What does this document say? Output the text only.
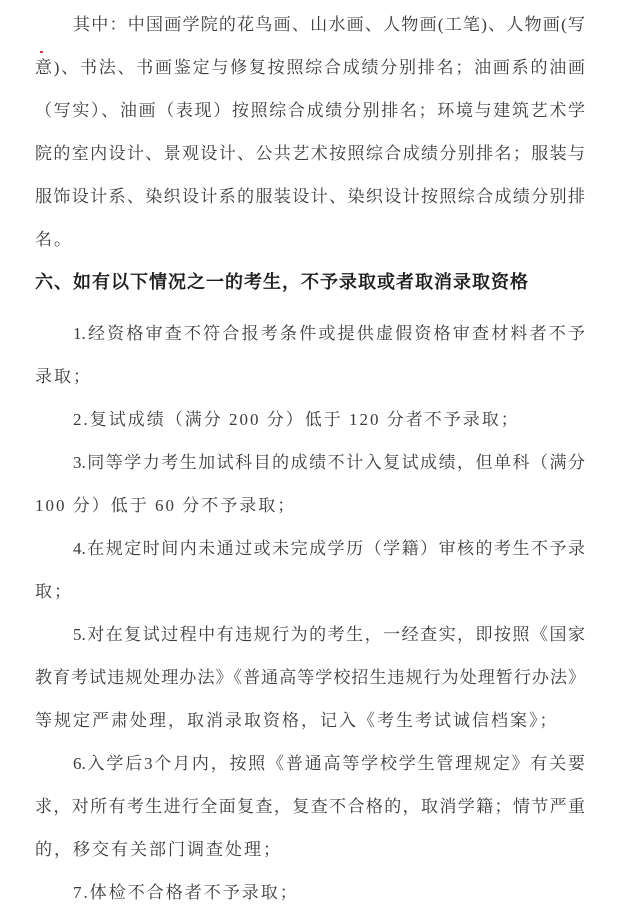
其中：中国画学院的花鸟画、山水画、人物画(工笔)、人物画(写
意)、书法、书画鉴定与修复按照综合成绩分别排名；油画系的油画
（写实）、油画（表现）按照综合成绩分别排名；环境与建筑艺术学
院的室内设计、景观设计、公共艺术按照综合成绩分别排名；服装与
服饰设计系、染织设计系的服装设计、染织设计按照综合成绩分别排
名。
六、如有以下情况之一的考生，不予录取或者取消录取资格
1.经资格审查不符合报考条件或提供虚假资格审查材料者不予
录取；
2.复试成绩（满分 200 分）低于 120 分者不予录取；
3.同等学力考生加试科目的成绩不计入复试成绩，但单科（满分
100 分）低于 60 分不予录取；
4.在规定时间内未通过或未完成学历（学籍）审核的考生不予录
取；
5.对在复试过程中有违规行为的考生，一经查实，即按照《国家
教育考试违规处理办法》《普通高等学校招生违规行为处理暂行办法》
等规定严肃处理，取消录取资格，记入《考生考试诚信档案》；
6.入学后3个月内，按照《普通高等学校学生管理规定》有关要
求，对所有考生进行全面复查，复查不合格的，取消学籍；情节严重
的，移交有关部门调查处理；
7.体检不合格者不予录取；
